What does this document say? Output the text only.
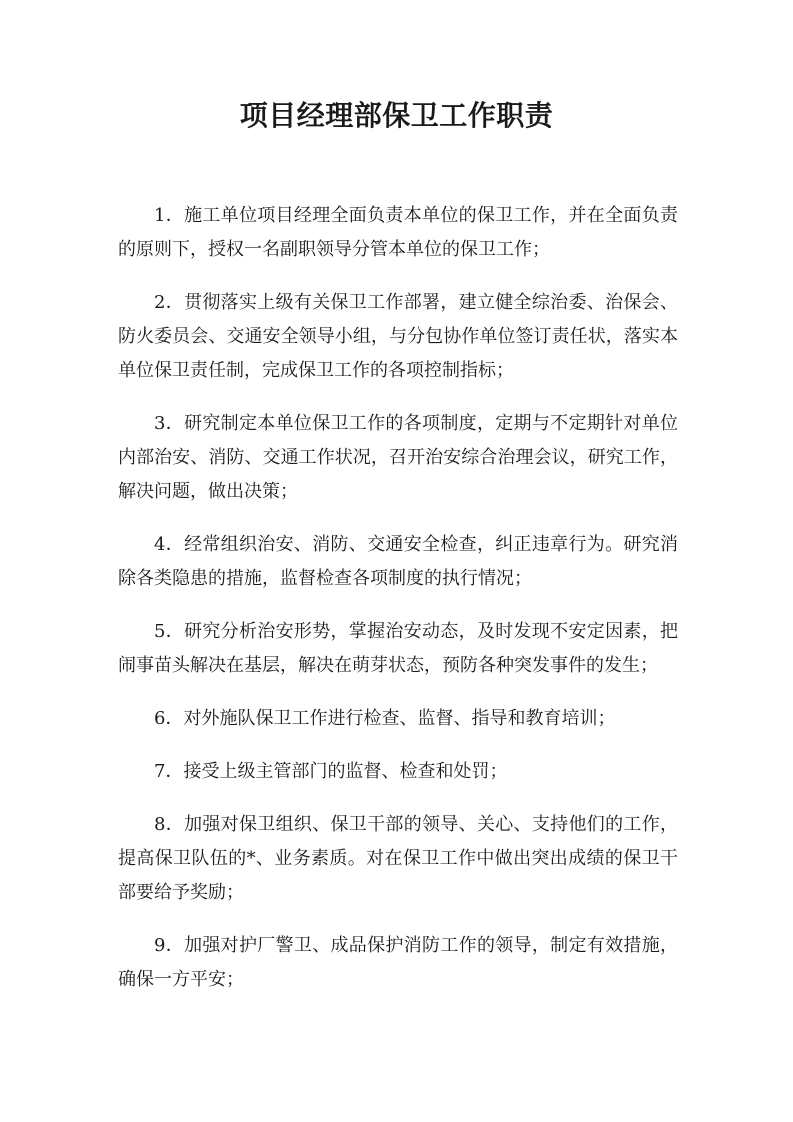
项目经理部保卫工作职责

1．施工单位项目经理全面负责本单位的保卫工作，并在全面负责的原则下，授权一名副职领导分管本单位的保卫工作；

2．贯彻落实上级有关保卫工作部署，建立健全综治委、治保会、防火委员会、交通安全领导小组，与分包协作单位签订责任状，落实本单位保卫责任制，完成保卫工作的各项控制指标；

3．研究制定本单位保卫工作的各项制度，定期与不定期针对单位内部治安、消防、交通工作状况，召开治安综合治理会议，研究工作，解决问题，做出决策；

4．经常组织治安、消防、交通安全检查，纠正违章行为。研究消除各类隐患的措施，监督检查各项制度的执行情况；

5．研究分析治安形势，掌握治安动态，及时发现不安定因素，把闹事苗头解决在基层，解决在萌芽状态，预防各种突发事件的发生；

6．对外施队保卫工作进行检查、监督、指导和教育培训；

7．接受上级主管部门的监督、检查和处罚；

8．加强对保卫组织、保卫干部的领导、关心、支持他们的工作，提高保卫队伍的*、业务素质。对在保卫工作中做出突出成绩的保卫干部要给予奖励；

9．加强对护厂警卫、成品保护消防工作的领导，制定有效措施，确保一方平安；
